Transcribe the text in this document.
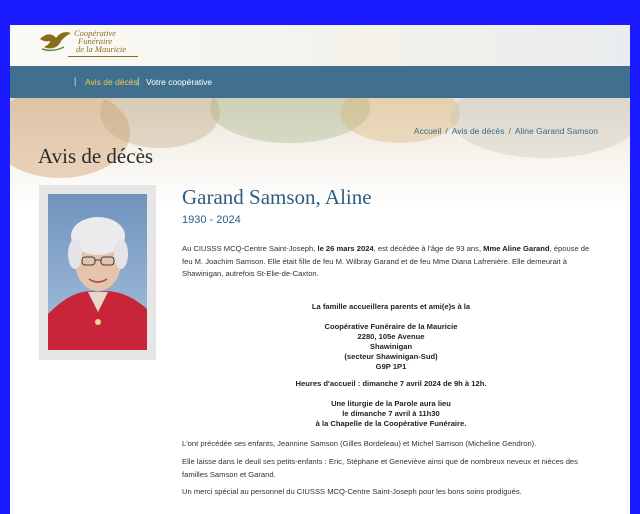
Coopérative
Funéraire
de la Mauricie
| Avis de décès | Votre coopérative
Accueil / Avis de décès / Aline Garand Samson
Avis de décès
Garand Samson, Aline
1930 - 2024
Au CIUSSS MCQ-Centre Saint-Joseph, le 26 mars 2024, est décédée à l'âge de 93 ans, Mme Aline Garand, épouse de feu M. Joachim Samson. Elle était fille de feu M. Wilbray Garand et de feu Mme Diana Lafrenière. Elle demeurait à Shawinigan, autrefois St-Elie-de-Caxton.
La famille accueillera parents et ami(e)s à la
Coopérative Funéraire de la Mauricie
2280, 105e Avenue
Shawinigan
(secteur Shawinigan-Sud)
G9P 1P1
Heures d'accueil : dimanche 7 avril 2024 de 9h à 12h.
Une liturgie de la Parole aura lieu
le dimanche 7 avril à 11h30
à la Chapelle de la Coopérative Funéraire.
L'ont précédée ses enfants, Jeannine Samson (Gilles Bordeleau) et Michel Samson (Micheline Gendron).
Elle laisse dans le deuil ses petits-enfants : Eric, Stéphane et Geneviève ainsi que de nombreux neveux et nièces des familles Samson et Garand.
Un merci spécial au personnel du CIUSSS MCQ-Centre Saint-Joseph pour les bons soins prodigués.
